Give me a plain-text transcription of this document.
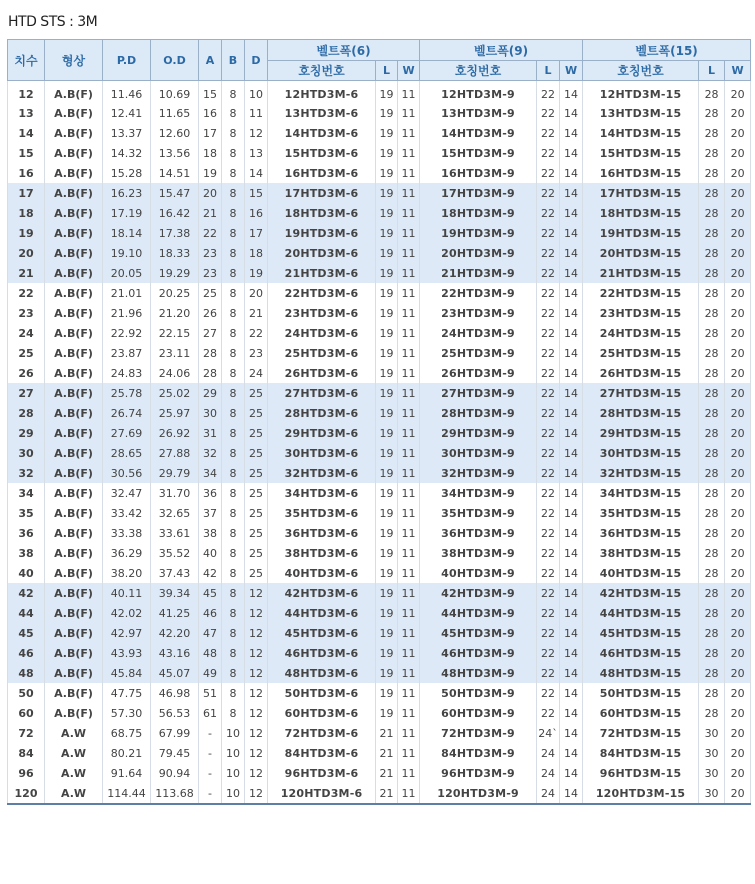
HTD STS : 3M
치수	형상	P.D	O.D	A	B	D	벨트폭(6)			벨트폭(9)			벨트폭(15)		
							호칭번호	L	W	호칭번호	L	W	호칭번호	L	W
12	A.B(F)	11.46	10.69	15	8	10	12HTD3M-6	19	11	12HTD3M-9	22	14	12HTD3M-15	28	20
13	A.B(F)	12.41	11.65	16	8	11	13HTD3M-6	19	11	13HTD3M-9	22	14	13HTD3M-15	28	20
14	A.B(F)	13.37	12.60	17	8	12	14HTD3M-6	19	11	14HTD3M-9	22	14	14HTD3M-15	28	20
15	A.B(F)	14.32	13.56	18	8	13	15HTD3M-6	19	11	15HTD3M-9	22	14	15HTD3M-15	28	20
16	A.B(F)	15.28	14.51	19	8	14	16HTD3M-6	19	11	16HTD3M-9	22	14	16HTD3M-15	28	20
17	A.B(F)	16.23	15.47	20	8	15	17HTD3M-6	19	11	17HTD3M-9	22	14	17HTD3M-15	28	20
18	A.B(F)	17.19	16.42	21	8	16	18HTD3M-6	19	11	18HTD3M-9	22	14	18HTD3M-15	28	20
19	A.B(F)	18.14	17.38	22	8	17	19HTD3M-6	19	11	19HTD3M-9	22	14	19HTD3M-15	28	20
20	A.B(F)	19.10	18.33	23	8	18	20HTD3M-6	19	11	20HTD3M-9	22	14	20HTD3M-15	28	20
21	A.B(F)	20.05	19.29	23	8	19	21HTD3M-6	19	11	21HTD3M-9	22	14	21HTD3M-15	28	20
22	A.B(F)	21.01	20.25	25	8	20	22HTD3M-6	19	11	22HTD3M-9	22	14	22HTD3M-15	28	20
23	A.B(F)	21.96	21.20	26	8	21	23HTD3M-6	19	11	23HTD3M-9	22	14	23HTD3M-15	28	20
24	A.B(F)	22.92	22.15	27	8	22	24HTD3M-6	19	11	24HTD3M-9	22	14	24HTD3M-15	28	20
25	A.B(F)	23.87	23.11	28	8	23	25HTD3M-6	19	11	25HTD3M-9	22	14	25HTD3M-15	28	20
26	A.B(F)	24.83	24.06	28	8	24	26HTD3M-6	19	11	26HTD3M-9	22	14	26HTD3M-15	28	20
27	A.B(F)	25.78	25.02	29	8	25	27HTD3M-6	19	11	27HTD3M-9	22	14	27HTD3M-15	28	20
28	A.B(F)	26.74	25.97	30	8	25	28HTD3M-6	19	11	28HTD3M-9	22	14	28HTD3M-15	28	20
29	A.B(F)	27.69	26.92	31	8	25	29HTD3M-6	19	11	29HTD3M-9	22	14	29HTD3M-15	28	20
30	A.B(F)	28.65	27.88	32	8	25	30HTD3M-6	19	11	30HTD3M-9	22	14	30HTD3M-15	28	20
32	A.B(F)	30.56	29.79	34	8	25	32HTD3M-6	19	11	32HTD3M-9	22	14	32HTD3M-15	28	20
34	A.B(F)	32.47	31.70	36	8	25	34HTD3M-6	19	11	34HTD3M-9	22	14	34HTD3M-15	28	20
35	A.B(F)	33.42	32.65	37	8	25	35HTD3M-6	19	11	35HTD3M-9	22	14	35HTD3M-15	28	20
36	A.B(F)	33.38	33.61	38	8	25	36HTD3M-6	19	11	36HTD3M-9	22	14	36HTD3M-15	28	20
38	A.B(F)	36.29	35.52	40	8	25	38HTD3M-6	19	11	38HTD3M-9	22	14	38HTD3M-15	28	20
40	A.B(F)	38.20	37.43	42	8	25	40HTD3M-6	19	11	40HTD3M-9	22	14	40HTD3M-15	28	20
42	A.B(F)	40.11	39.34	45	8	12	42HTD3M-6	19	11	42HTD3M-9	22	14	42HTD3M-15	28	20
44	A.B(F)	42.02	41.25	46	8	12	44HTD3M-6	19	11	44HTD3M-9	22	14	44HTD3M-15	28	20
45	A.B(F)	42.97	42.20	47	8	12	45HTD3M-6	19	11	45HTD3M-9	22	14	45HTD3M-15	28	20
46	A.B(F)	43.93	43.16	48	8	12	46HTD3M-6	19	11	46HTD3M-9	22	14	46HTD3M-15	28	20
48	A.B(F)	45.84	45.07	49	8	12	48HTD3M-6	19	11	48HTD3M-9	22	14	48HTD3M-15	28	20
50	A.B(F)	47.75	46.98	51	8	12	50HTD3M-6	19	11	50HTD3M-9	22	14	50HTD3M-15	28	20
60	A.B(F)	57.30	56.53	61	8	12	60HTD3M-6	19	11	60HTD3M-9	22	14	60HTD3M-15	28	20
72	A.W	68.75	67.99	-	10	12	72HTD3M-6	21	11	72HTD3M-9	24`	14	72HTD3M-15	30	20
84	A.W	80.21	79.45	-	10	12	84HTD3M-6	21	11	84HTD3M-9	24	14	84HTD3M-15	30	20
96	A.W	91.64	90.94	-	10	12	96HTD3M-6	21	11	96HTD3M-9	24	14	96HTD3M-15	30	20
120	A.W	114.44	113.68	-	10	12	120HTD3M-6	21	11	120HTD3M-9	24	14	120HTD3M-15	30	20
